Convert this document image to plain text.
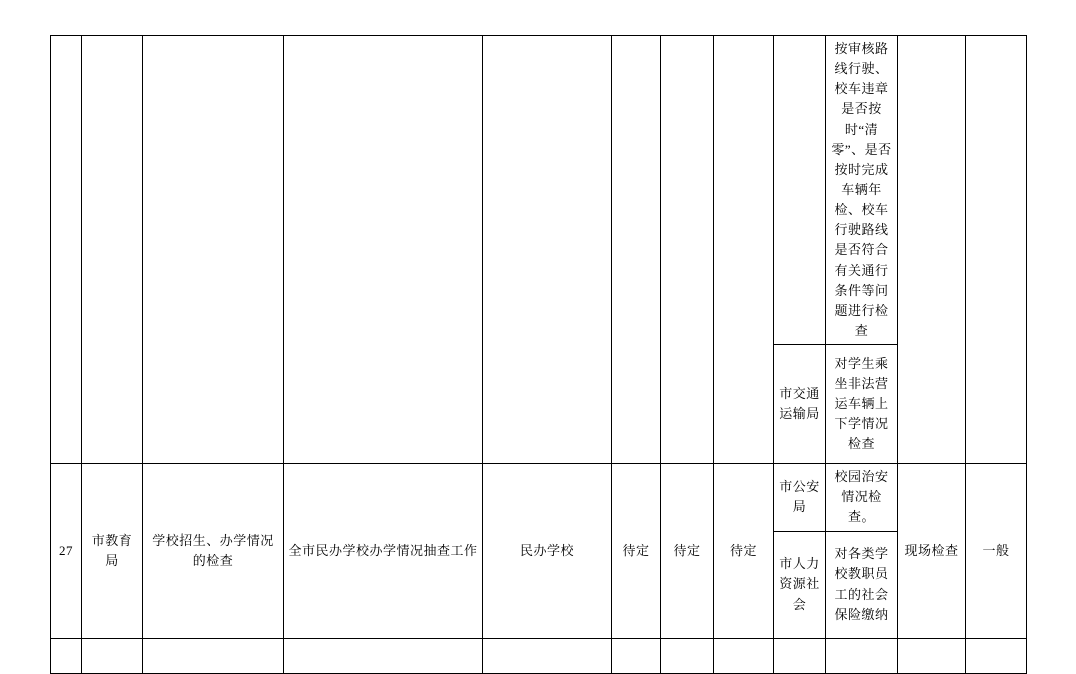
									按审核路线行驶、校车违章是否按时“清零”、是否按时完成车辆年检、校车行驶路线是否符合有关通行条件等问题进行检查		
								市交通运输局	对学生乘坐非法营运车辆上下学情况检查		
27	市教育局	学校招生、办学情况的检查	全市民办学校办学情况抽查工作	民办学校	待定	待定	待定	市公安局	校园治安情况检查。	现场检查	一般
								市人力资源社会	对各类学校教职员工的社会保险缴纳		
